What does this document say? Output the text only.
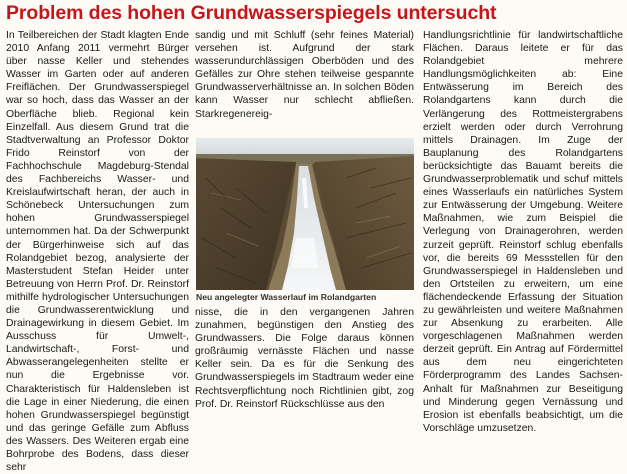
Problem des hohen Grundwasserspiegels untersucht

In Teilbereichen der Stadt klagten Ende 2010 Anfang 2011 vermehrt Bürger über nasse Keller und stehendes Wasser im Garten oder auf anderen Freiflächen. Der Grundwasserspiegel war so hoch, dass das Wasser an der Oberfläche blieb. Regional kein Einzelfall. Aus diesem Grund trat die Stadtverwaltung an Professor Doktor Frido Reinstorf von der Fachhochschule Magdeburg-Stendal des Fachbereichs Wasser- und Kreislaufwirtschaft heran, der auch in Schönebeck Untersuchungen zum hohen Grundwasserspiegel unternommen hat. Da der Schwerpunkt der Bürgerhinweise sich auf das Rolandgebiet bezog, analysierte der Masterstudent Stefan Heider unter Betreuung von Herrn Prof. Dr. Reinstorf mithilfe hydrologischer Untersuchungen die Grundwasserentwicklung und Drainagewirkung in diesem Gebiet. Im Ausschuss für Umwelt-, Landwirtschaft-, Forst- und Abwasserangelegenheiten stellte er nun die Ergebnisse vor. Charakteristisch für Haldensleben ist die Lage in einer Niederung, die einen hohen Grundwasserspiegel begünstigt und das geringe Gefälle zum Abfluss des Wassers. Des Weiteren ergab eine Bohrprobe des Bodens, dass dieser sehr

sandig und mit Schluff (sehr feines Material) versehen ist. Aufgrund der stark wasserundurchlässigen Oberböden und des Gefälles zur Ohre stehen teilweise gespannte Grundwasserverhältnisse an. In solchen Böden kann Wasser nur schlecht abfließen. Starkregenereig-

Neu angelegter Wasserlauf im Rolandgarten

nisse, die in den vergangenen Jahren zunahmen, begünstigen den Anstieg des Grundwassers. Die Folge daraus können großräumig vernässte Flächen und nasse Keller sein. Da es für die Senkung des Grundwasserspiegels im Stadtraum weder eine Rechtsverpflichtung noch Richtlinien gibt, zog Prof. Dr. Reinstorf Rückschlüsse aus den

Handlungsrichtlinie für landwirtschaftliche Flächen. Daraus leitete er für das Rolandgebiet mehrere Handlungsmöglichkeiten ab: Eine Entwässerung im Bereich des Rolandgartens kann durch die Verlängerung des Rottmeistergrabens erzielt werden oder durch Verrohrung mittels Drainagen. Im Zuge der Bauplanung des Rolandgartens berücksichtigte das Bauamt bereits die Grundwasserproblematik und schuf mittels eines Wasserlaufs ein natürliches System zur Entwässerung der Umgebung. Weitere Maßnahmen, wie zum Beispiel die Verlegung von Drainagerohren, werden zurzeit geprüft. Reinstorf schlug ebenfalls vor, die bereits 69 Messstellen für den Grundwasserspiegel in Haldensleben und den Ortsteilen zu erweitern, um eine flächendeckende Erfassung der Situation zu gewährleisten und weitere Maßnahmen zur Absenkung zu erarbeiten. Alle vorgeschlagenen Maßnahmen werden derzeit geprüft. Ein Antrag auf Fördermittel aus dem neu eingerichteten Förderprogramm des Landes Sachsen-Anhalt für Maßnahmen zur Beseitigung und Minderung gegen Vernässung und Erosion ist ebenfalls beabsichtigt, um die Vorschläge umzusetzen.
